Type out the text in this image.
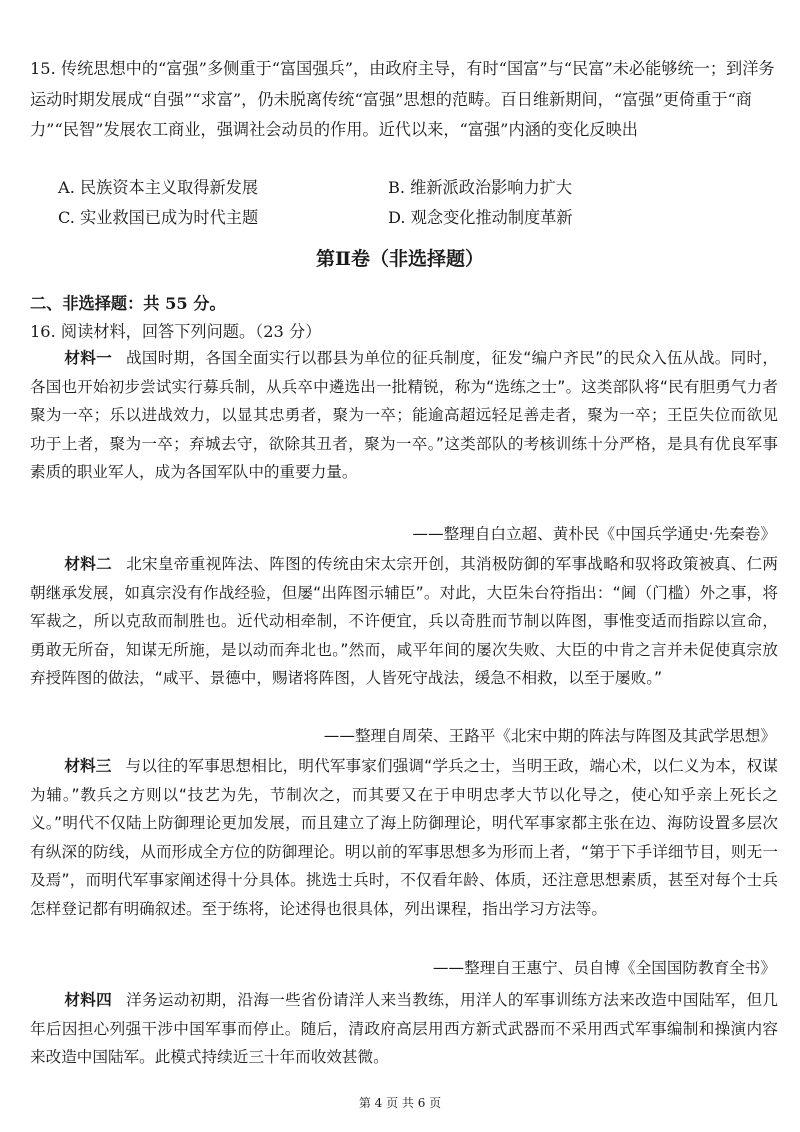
15. 传统思想中的“富强”多侧重于“富国强兵”，由政府主导，有时“国富”与“民富”未必能够统一；到洋务运动时期发展成“自强”“求富”，仍未脱离传统“富强”思想的范畴。百日维新期间，“富强”更倚重于“商力”“民智”发展农工商业，强调社会动员的作用。近代以来，“富强”内涵的变化反映出
A. 民族资本主义取得新发展	B. 维新派政治影响力扩大
C. 实业救国已成为时代主题	D. 观念变化推动制度革新
第Ⅱ卷（非选择题）
二、非选择题：共 55 分。
16. 阅读材料，回答下列问题。（23 分）
材料一 战国时期，各国全面实行以郡县为单位的征兵制度，征发“编户齐民”的民众入伍从战。同时，各国也开始初步尝试实行募兵制，从兵卒中遴选出一批精锐，称为“选练之士”。这类部队将“民有胆勇气力者聚为一卒；乐以进战效力，以显其忠勇者，聚为一卒；能逾高超远轻足善走者，聚为一卒；王臣失位而欲见功于上者，聚为一卒；弃城去守，欲除其丑者，聚为一卒。”这类部队的考核训练十分严格，是具有优良军事素质的职业军人，成为各国军队中的重要力量。
——整理自白立超、黄朴民《中国兵学通史·先秦卷》
材料二 北宋皇帝重视阵法、阵图的传统由宋太宗开创，其消极防御的军事战略和驭将政策被真、仁两朝继承发展，如真宗没有作战经验，但屡“出阵图示辅臣”。对此，大臣朱台符指出：“阃（门槛）外之事，将军裁之，所以克敌而制胜也。近代动相牵制，不许便宜，兵以奇胜而节制以阵图，事惟变适而指踪以宣命，勇敢无所奋，知谋无所施，是以动而奔北也。”然而，咸平年间的屡次失败、大臣的中肯之言并未促使真宗放弃授阵图的做法，“咸平、景德中，赐诸将阵图，人皆死守战法，缓急不相救，以至于屡败。”
——整理自周荣、王路平《北宋中期的阵法与阵图及其武学思想》
材料三 与以往的军事思想相比，明代军事家们强调“学兵之士，当明王政，端心术，以仁义为本，权谋为辅。”教兵之方则以“技艺为先，节制次之，而其要又在于申明忠孝大节以化导之，使心知乎亲上死长之义。”明代不仅陆上防御理论更加发展，而且建立了海上防御理论，明代军事家都主张在边、海防设置多层次有纵深的防线，从而形成全方位的防御理论。明以前的军事思想多为形而上者，“第于下手详细节目，则无一及焉”，而明代军事家阐述得十分具体。挑选士兵时，不仅看年龄、体质，还注意思想素质，甚至对每个士兵怎样登记都有明确叙述。至于练将，论述得也很具体，列出课程，指出学习方法等。
——整理自王惠宁、员自博《全国国防教育全书》
材料四 洋务运动初期，沿海一些省份请洋人来当教练，用洋人的军事训练方法来改造中国陆军，但几年后因担心列强干涉中国军事而停止。随后，清政府高层用西方新式武器而不采用西式军事编制和操演内容来改造中国陆军。此模式持续近三十年而收效甚微。
第 4 页 共 6 页
